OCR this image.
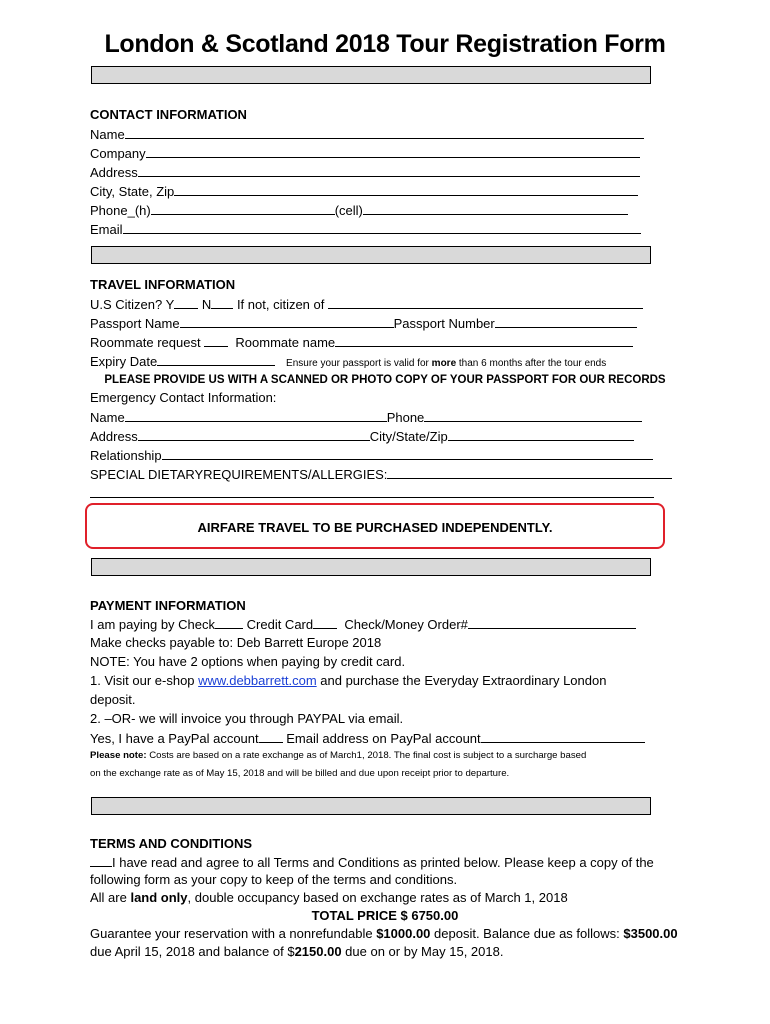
London & Scotland 2018 Tour Registration Form
CONTACT INFORMATION
Name
Company
Address
City, State, Zip
Phone_(h)	(cell)
Email
TRAVEL INFORMATION
U.S Citizen? Y N If not, citizen of
Passport Name	Passport Number
Roommate request	Roommate name
Expiry Date	Ensure your passport is valid for more than 6 months after the tour ends
PLEASE PROVIDE US WITH A SCANNED OR PHOTO COPY OF YOUR PASSPORT FOR OUR RECORDS
Emergency Contact Information:
Name	Phone
Address	City/State/Zip
Relationship
SPECIAL DIETARYREQUIREMENTS/ALLERGIES:
AIRFARE TRAVEL TO BE PURCHASED INDEPENDENTLY.
PAYMENT INFORMATION
I am paying by Check Credit Card Check/Money Order#
Make checks payable to: Deb Barrett Europe 2018
NOTE: You have 2 options when paying by credit card.
1. Visit our e-shop www.debbarrett.com and purchase the Everyday Extraordinary London
deposit.
2. –OR- we will invoice you through PAYPAL via email.
Yes, I have a PayPal account Email address on PayPal account
Please note: Costs are based on a rate exchange as of March1, 2018. The final cost is subject to a surcharge based
on the exchange rate as of May 15, 2018 and will be billed and due upon receipt prior to departure.
TERMS AND CONDITIONS
I have read and agree to all Terms and Conditions as printed below. Please keep a copy of the
following form as your copy to keep of the terms and conditions.
All are land only, double occupancy based on exchange rates as of March 1, 2018
TOTAL PRICE $ 6750.00
Guarantee your reservation with a nonrefundable $1000.00 deposit. Balance due as follows: $3500.00
due April 15, 2018 and balance of $2150.00 due on or by May 15, 2018.
